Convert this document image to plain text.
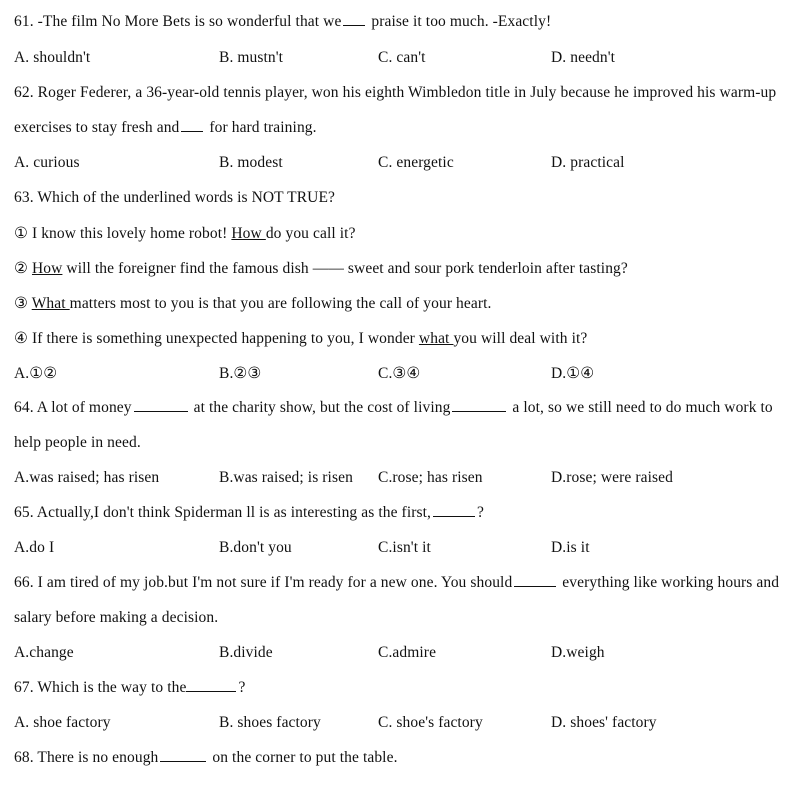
61. -The film No More Bets is so wonderful that we praise it too much. -Exactly!
A. shouldn't	B. mustn't	C. can't	D. needn't
62. Roger Federer, a 36-year-old tennis player, won his eighth Wimbledon title in July because he improved his warm-up
exercises to stay fresh and for hard training.
A. curious	B. modest	C. energetic	D. practical
63. Which of the underlined words is NOT TRUE?
① I know this lovely home robot! How do you call it?
② How will the foreigner find the famous dish —— sweet and sour pork tenderloin after tasting?
③ What matters most to you is that you are following the call of your heart.
④ If there is something unexpected happening to you, I wonder what you will deal with it?
A.①②	B.②③	C.③④	D.①④
64. A lot of money	at the charity show, but the cost of living	a lot, so we still need to do much work to
help people in need.
A.was raised; has risen	B.was raised; is risen C.rose; has risen	D.rose; were raised
65. Actually,I don't think Spiderman ll is as interesting as the first,	?
A.do I	B.don't you	C.isn't it	D.is it
66. I am tired of my job.but I'm not sure if I'm ready for a new one. You should	everything like working hours and
salary before making a decision.
A.change	B.divide	C.admire	D.weigh
67. Which is the way to the	?
A. shoe factory	B. shoes factory	C. shoe's factory	D. shoes' factory
68. There is no enough	on the corner to put the table.
